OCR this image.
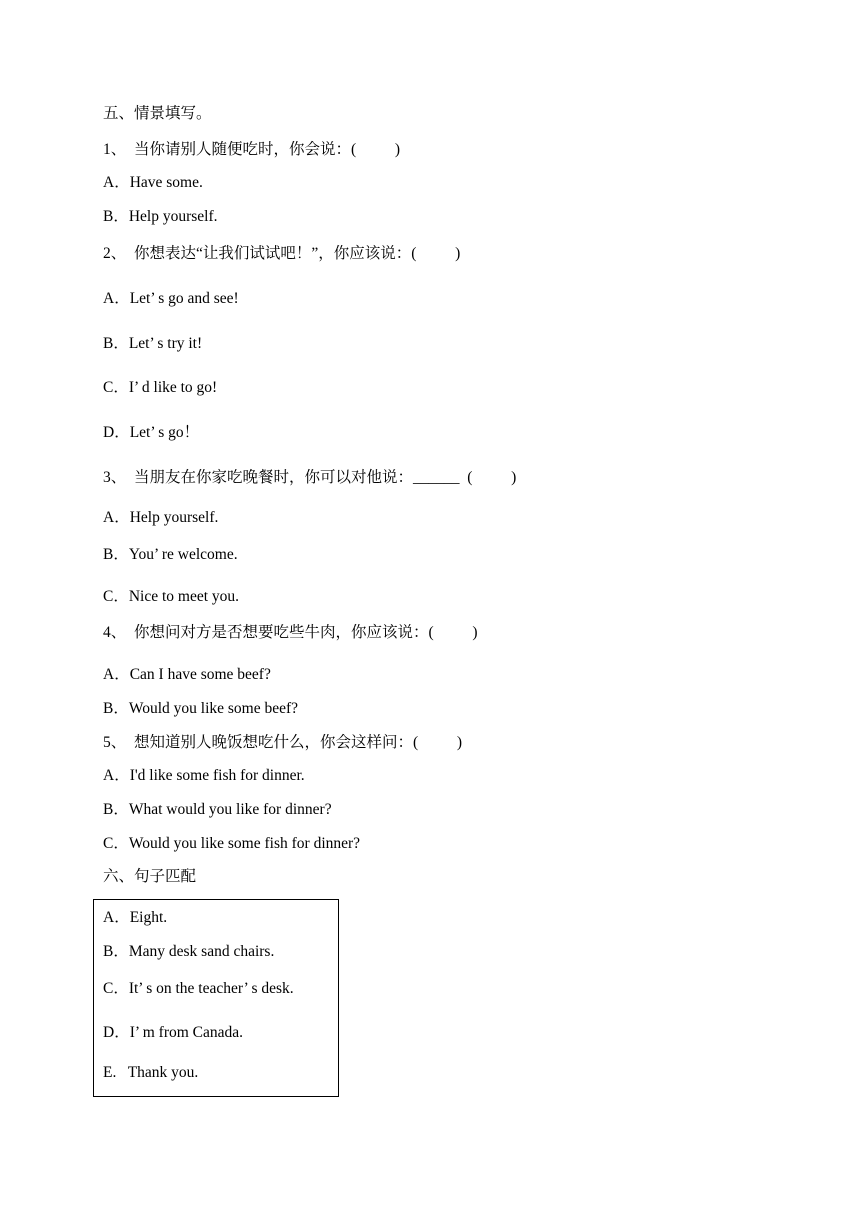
五、情景填写。
1、  当你请别人随便吃时，你会说：(          )
A．Have some.
B．Help yourself.
2、  你想表达“让我们试试吧！”，你应该说：(          )
A．Let’ s go and see!
B．Let’ s try it!
C．I’ d like to go!
D．Let’ s go！
3、  当朋友在你家吃晚餐时，你可以对他说：______  (          )
A．Help yourself.
B．You’ re welcome.
C．Nice to meet you.
4、  你想问对方是否想要吃些牛肉，你应该说：(          )
A．Can I have some beef?
B．Would you like some beef?
5、  想知道别人晚饭想吃什么，你会这样问：(          )
A．I'd like some fish for dinner.
B．What would you like for dinner?
C．Would you like some fish for dinner?
六、句子匹配
A．Eight.
B．Many desk sand chairs.
C．It’ s on the teacher’ s desk.
D．I’ m from Canada.
E.   Thank you.
